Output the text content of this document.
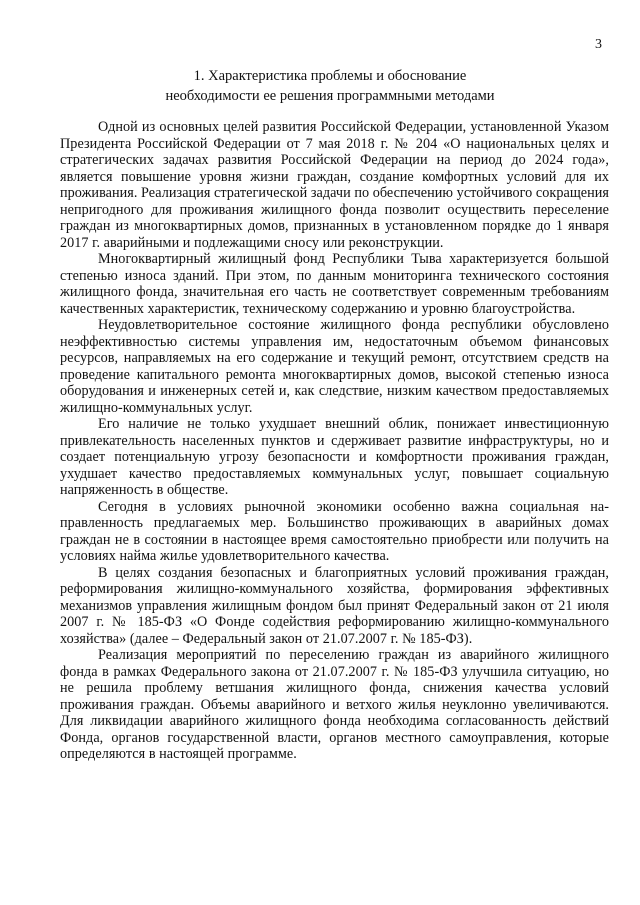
3
1. Характеристика проблемы и обоснование
необходимости ее решения программными методами

Одной из основных целей развития Российской Федерации, установленной Указом Президента Российской Федерации от 7 мая 2018 г. № 204 «О национальных целях и стратегических задачах развития Российской Федерации на период до 2024 года», является повышение уровня жизни граждан, создание комфортных условий для их проживания. Реализация стратегической задачи по обеспечению устойчивого сокращения непригодного для проживания жилищного фонда позволит осуществить переселение граждан из многоквартирных домов, признанных в установленном порядке до 1 января 2017 г. аварийными и подлежащими сносу или реконструкции.

Многоквартирный жилищный фонд Республики Тыва характеризуется большой степенью износа зданий. При этом, по данным мониторинга технического состояния жилищного фонда, значительная его часть не соответствует современным требованиям качественных характеристик, техническому содержанию и уровню благоустройства.

Неудовлетворительное состояние жилищного фонда республики обусловлено неэффективностью системы управления им, недостаточным объемом финансовых ресурсов, направляемых на его содержание и текущий ремонт, отсутствием средств на проведение капитального ремонта многоквартирных домов, высокой степенью износа оборудования и инженерных сетей и, как следствие, низким качеством предоставляемых жилищно-коммунальных услуг.

Его наличие не только ухудшает внешний облик, понижает инвестиционную привлекательность населенных пунктов и сдерживает развитие инфраструктуры, но и создает потенциальную угрозу безопасности и комфортности проживания граждан, ухудшает качество предоставляемых коммунальных услуг, повышает социальную напряженность в обществе.

Сегодня в условиях рыночной экономики особенно важна социальная направленность предлагаемых мер. Большинство проживающих в аварийных домах граждан не в состоянии в настоящее время самостоятельно приобрести или получить на условиях найма жилье удовлетворительного качества.

В целях создания безопасных и благоприятных условий проживания граждан, реформирования жилищно-коммунального хозяйства, формирования эффективных механизмов управления жилищным фондом был принят Федеральный закон от 21 июля 2007 г. № 185-ФЗ «О Фонде содействия реформированию жилищно-коммунального хозяйства» (далее – Федеральный закон от 21.07.2007 г. № 185-ФЗ).

Реализация мероприятий по переселению граждан из аварийного жилищного фонда в рамках Федерального закона от 21.07.2007 г. № 185-ФЗ улучшила ситуацию, но не решила проблему ветшания жилищного фонда, снижения качества условий проживания граждан. Объемы аварийного и ветхого жилья неуклонно увеличиваются. Для ликвидации аварийного жилищного фонда необходима согласованность действий Фонда, органов государственной власти, органов местного самоуправления, которые определяются в настоящей программе.
